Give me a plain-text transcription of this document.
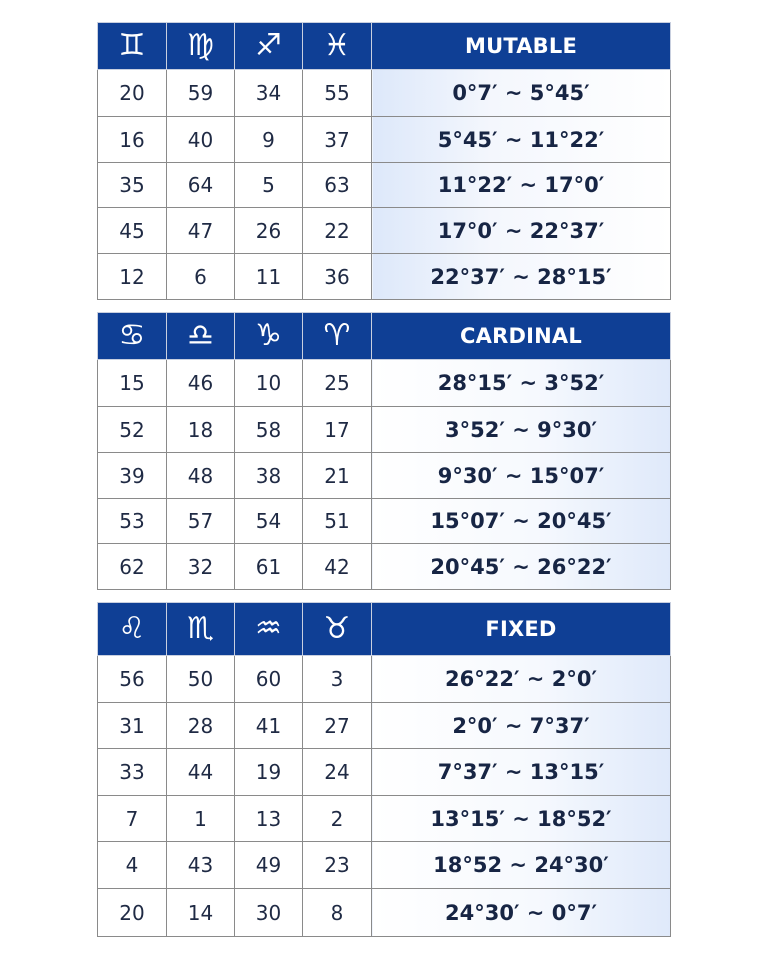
♊	♍	♐	♓	MUTABLE
20	59	34	55	0°7′ ~ 5°45′
16	40	9	37	5°45′ ~ 11°22′
35	64	5	63	11°22′ ~ 17°0′
45	47	26	22	17°0′ ~ 22°37′
12	6	11	36	22°37′ ~ 28°15′
♋	♎	♑	♈	CARDINAL
15	46	10	25	28°15′ ~ 3°52′
52	18	58	17	3°52′ ~ 9°30′
39	48	38	21	9°30′ ~ 15°07′
53	57	54	51	15°07′ ~ 20°45′
62	32	61	42	20°45′ ~ 26°22′
♌	♏	♒	♉	FIXED
56	50	60	3	26°22′ ~ 2°0′
31	28	41	27	2°0′ ~ 7°37′
33	44	19	24	7°37′ ~ 13°15′
7	1	13	2	13°15′ ~ 18°52′
4	43	49	23	18°52 ~ 24°30′
20	14	30	8	24°30′ ~ 0°7′
